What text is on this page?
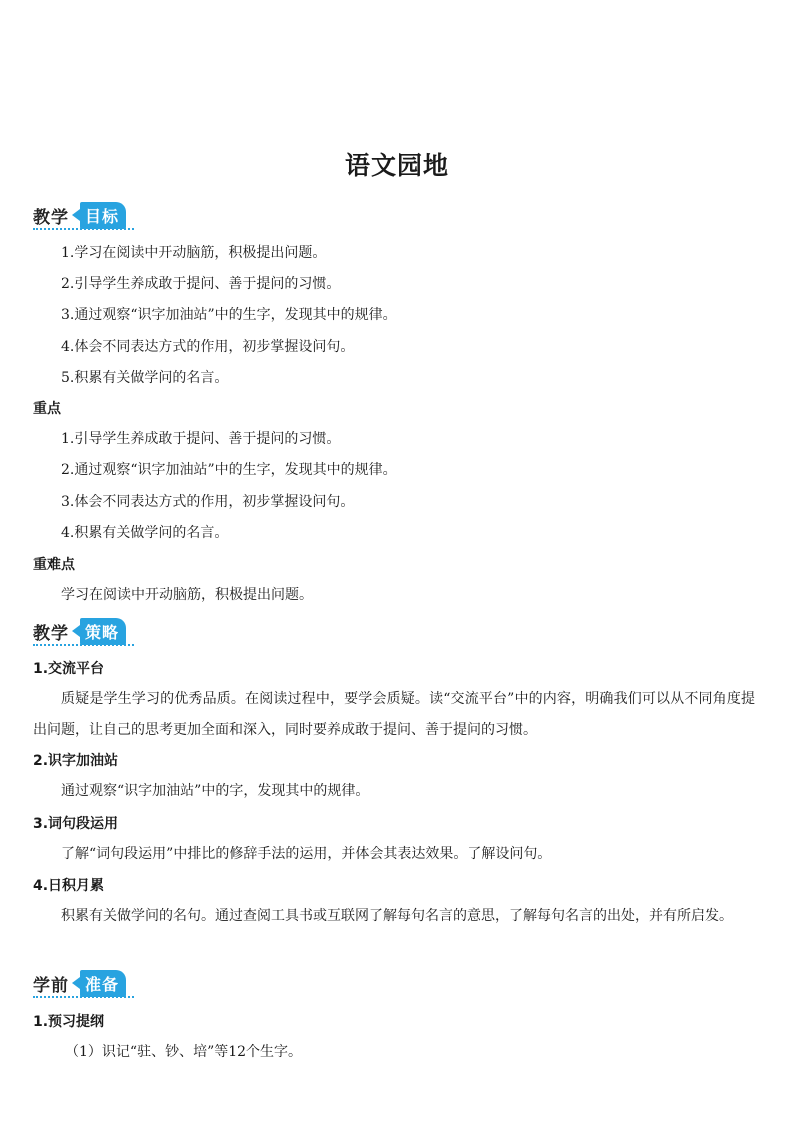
语文园地
教学	目标
1.学习在阅读中开动脑筋，积极提出问题。
2.引导学生养成敢于提问、善于提问的习惯。
3.通过观察“识字加油站”中的生字，发现其中的规律。
4.体会不同表达方式的作用，初步掌握设问句。
5.积累有关做学问的名言。
重点
1.引导学生养成敢于提问、善于提问的习惯。
2.通过观察“识字加油站”中的生字，发现其中的规律。
3.体会不同表达方式的作用，初步掌握设问句。
4.积累有关做学问的名言。
重难点
学习在阅读中开动脑筋，积极提出问题。
教学	策略
1.交流平台
质疑是学生学习的优秀品质。在阅读过程中，要学会质疑。读“交流平台”中的内容，明确我们可以从不同角度提出问题，让自己的思考更加全面和深入，同时要养成敢于提问、善于提问的习惯。
2.识字加油站
通过观察“识字加油站”中的字，发现其中的规律。
3.词句段运用
了解“词句段运用”中排比的修辞手法的运用，并体会其表达效果。了解设问句。
4.日积月累
积累有关做学问的名句。通过查阅工具书或互联网了解每句名言的意思，了解每句名言的出处，并有所启发。
学前	准备
1.预习提纲
（1）识记“驻、钞、培”等12个生字。
